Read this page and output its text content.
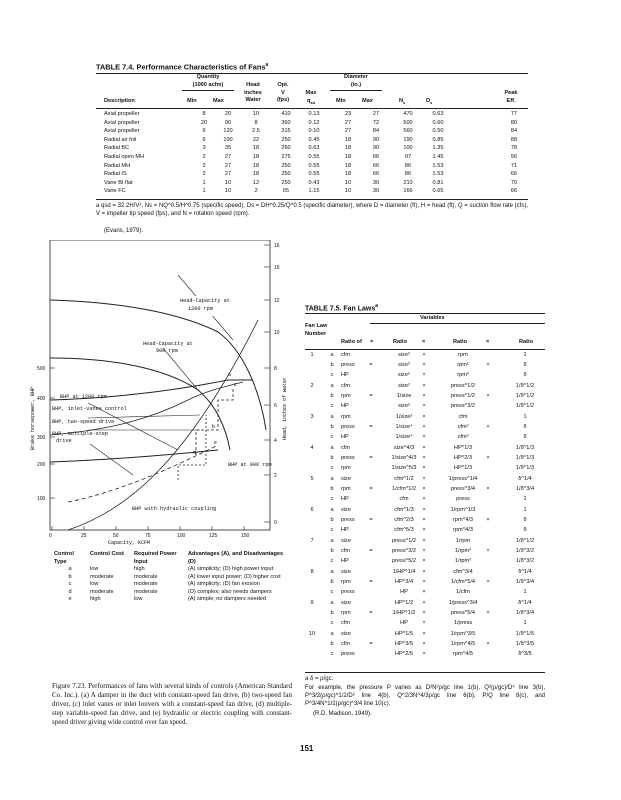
TABLE 7.4. Performance Characteristics of Fans$^a$
Quantity
(1000 acfm)	Head
Inches
Water
Opt.
V
(fps)
Max
$q_{sd}$
Diameter
(in.)
Peak
Eff.
Description	Min	Max	Min	Max	$N_s$	$D_s$
Axial propeller	8	20	10	410	0.13	23	27	470	0.63	77
Axial propeller	20	90	8	360	0.12	27	72	500	0.60	80
Axial propeller	6	120	2.5	315	0.10	27	84	560	0.50	84
Radial air foil	6	100	22	250	0.45	18	90	190	0.85	88
Radial BC	3	35	18	260	0.63	18	90	100	1.35	78
Radial open MH	2	27	18	275	0.55	18	66	97	1.45	56
Radial MH	2	27	18	250	0.55	18	66	86	1.53	71
Radial IS	2	27	18	250	0.55	18	66	86	1.53	66
Vane BI flat	1	10	12	250	0.43	10	30	210	0.81	70
Vane FC	1	10	2	65	1.15	10	30	166	0.65	66
a qsd = 32.2H/V², Ns = NQ^0.5/H^0.75 (specific speed), Ds = DH^0.25/Q^0.5 (specific diameter), where D = diameter (ft), H = head (ft), Q = suction flow rate (cfs), V = impeller tip speed (fps), and N = rotation speed (rpm).
(Evans, 1979).
Head-Capacity at
1200 rpm
Head-Capacity at
900 rpm
BHP at 1200 rpm
BHP, inlet-vanes control
BHP, two-speed drive
BHP, multiple-step
drive
BHP at 900 rpm
BHP with hydraulic coupling
a
b
c
d
e
16
15
12
10
8
6
4
2
0
500
400
300
200
100
0	25	50	75	100	125	150
Capacity, KCFM
Brake horsepower, BHP	Head, inches of water
Control Type	Control Cost	Required Power Input	Advantages (A), and Disadvantages (D)
a	low	high	(A) simplicity; (D) high power input
b	moderate	moderate	(A) lower input power; (D) higher cost
c	low	moderate	(A) simplicity; (D) fan erosion
d	moderate	moderate	(D) complex; also needs dampers
e	high	low	(A) simple; no dampers needed
Figure 7.23. Performances of fans with several kinds of controls (American Standard Co. Inc.). (a) A damper in the duct with constant-speed fan drive, (b) two-speed fan driver, (c) inlet vanes or inlet louvers with a constant-speed fan drive, (d) multiple-step variable-speed fan drive, and (e) hydraulic or electric coupling with constant-speed driver giving wide control over fan speed.
TABLE 7.5. Fan Laws$^a$
Variables
Fan Law Number
Ratio of =	Ratio	×	Ratio	×	Ratio
1	a	cfm	size³	×	rpm	1
b	press	=	size²	×	rpm²	×	δ
c	HP	size⁵	×	rpm³	δ
2	a	cfm	size²	×	press^1/2	1/δ^1/2
b	rpm	=	1/size	×	press^1/2	×	1/δ^1/2
c	HP	size²	×	press^3/2	1/δ^1/2
3	a	rpm	1/size³	×	cfm	1
b	press	=	1/size⁴	×	cfm²	×	δ
c	HP	1/size⁴	×	cfm³	δ
4	a	cfm	size^4/3	×	HP^1/3	1/δ^1/3
b	press	=	1/size^4/3	×	HP^2/3	×	1/δ^1/3
c	rpm	1/size^5/3	×	HP^1/3	1/δ^1/3
5	a	size	cfm^1/2	×	1/press^1/4	δ^1/4
b	rpm	=	1/cfm^1/2	×	press^3/4	×	1/δ^3/4
c	HP	cfm	×	press	1
6	a	size	cfm^1/3	×	1/rpm^1/3	1
b	press	=	cfm^2/3	×	rpm^4/3	×	δ
c	HP	cfm^5/3	×	rpm^4/3	δ
7	a	size	press^1/2	×	1/rpm	1/δ^1/2
b	cfm	=	press^3/2	×	1/rpm²	×	1/δ^3/2
c	HP	press^5/2	×	1/rpm³	1/δ^3/2
8	a	size	1/HP^1/4	×	cfm^3/4	δ^1/4
b	rpm	=	HP^3/4	×	1/cfm^5/4	×	1/δ^3/4
c	press	HP	×	1/cfm	1
9	a	size	HP^1/2	×	1/press^3/4	δ^1/4
b	rpm	=	1/HP^1/2	×	press^5/4	×	1/δ^3/4
c	cfm	HP	×	1/press	1
10	a	size	HP^1/5	×	1/rpm^3/5	1/δ^1/5
b	cfm	=	HP^3/5	×	1/rpm^4/5	×	1/δ^3/5
c	press	HP^2/5	×	rpm^4/5	δ^3/5
a δ = ρ/gc.
For example, the pressure P varies as D²N²ρ/gc line 1(b), Q²(ρ/gc)/D⁴ line 3(b), P^3/2(ρ/gc)^1/2/D² line 4(b), Q^2/3N^4/3ρ/gc line 6(b), P/Q line 8(c), and P^3/4N^1/2(ρ/gc)^3/4 line 10(c).
(R.D. Madison, 1949).
151
